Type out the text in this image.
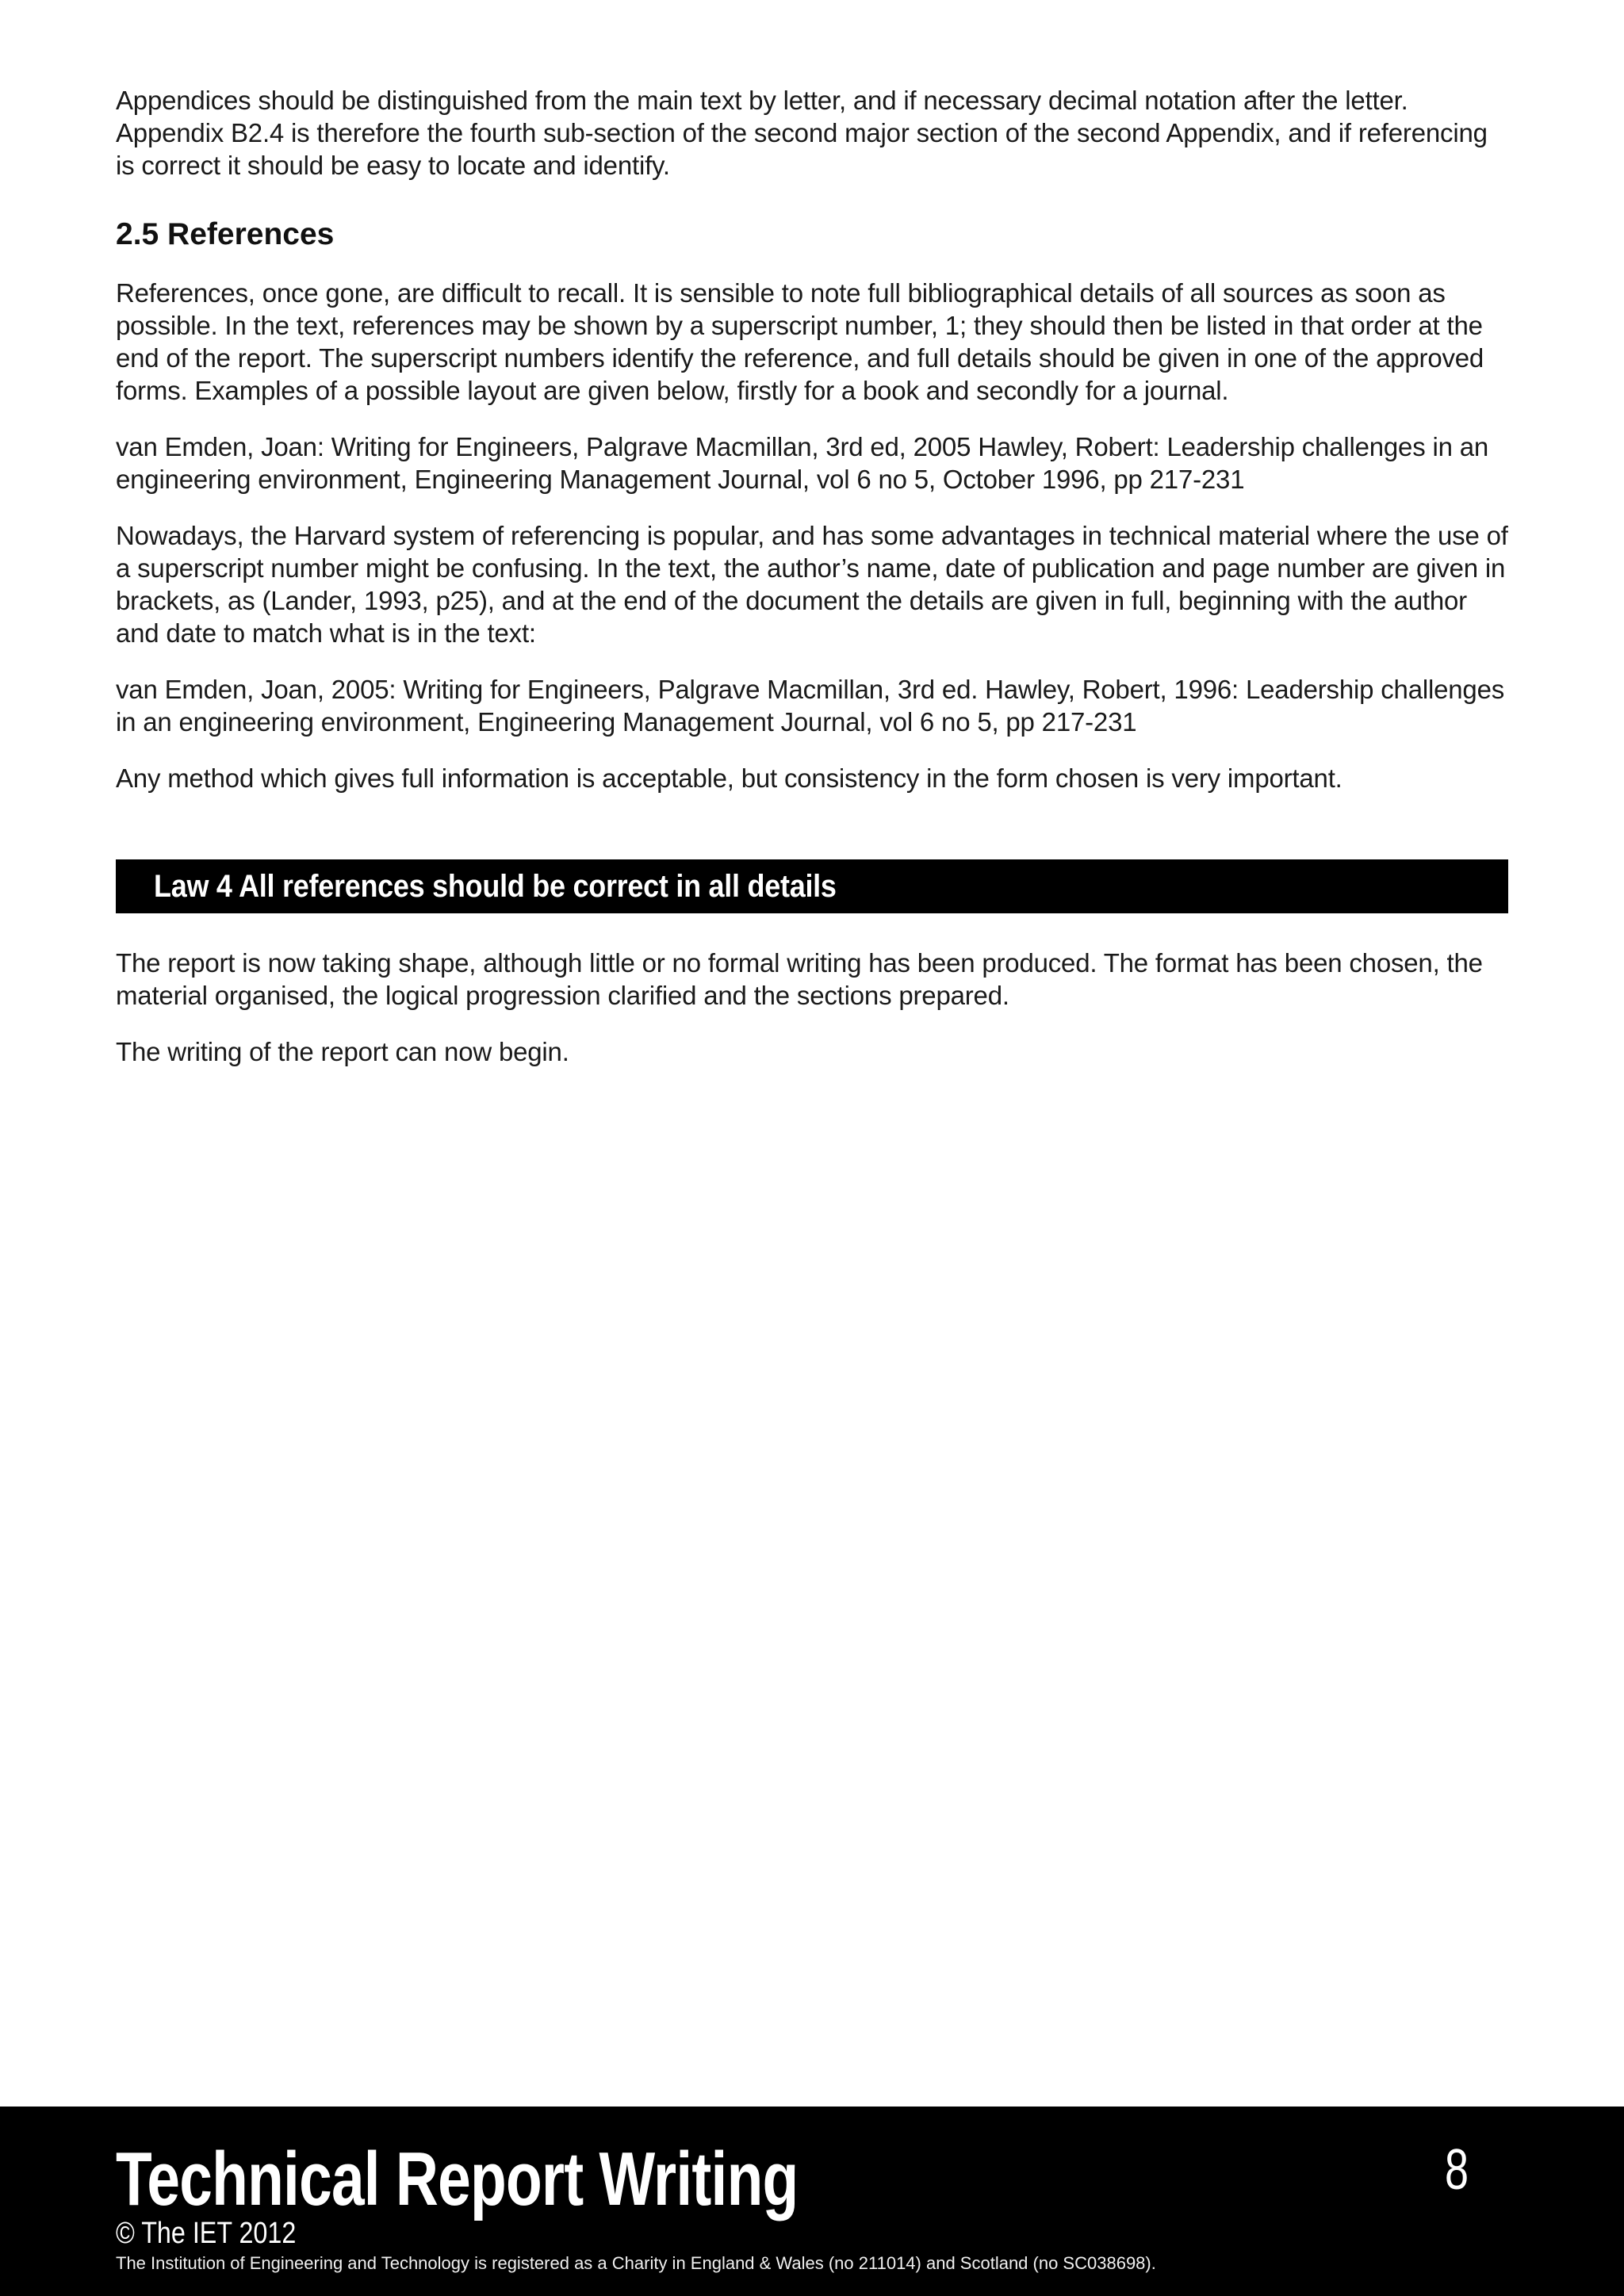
Appendices should be distinguished from the main text by letter, and if necessary decimal notation after the letter. Appendix B2.4 is therefore the fourth sub-section of the second major section of the second Appendix, and if referencing is correct it should be easy to locate and identify.

2.5 References

References, once gone, are difficult to recall. It is sensible to note full bibliographical details of all sources as soon as possible. In the text, references may be shown by a superscript number, 1; they should then be listed in that order at the end of the report. The superscript numbers identify the reference, and full details should be given in one of the approved forms. Examples of a possible layout are given below, firstly for a book and secondly for a journal.

van Emden, Joan: Writing for Engineers, Palgrave Macmillan, 3rd ed, 2005 Hawley, Robert: Leadership challenges in an engineering environment, Engineering Management Journal, vol 6 no 5, October 1996, pp 217-231

Nowadays, the Harvard system of referencing is popular, and has some advantages in technical material where the use of a superscript number might be confusing. In the text, the author’s name, date of publication and page number are given in brackets, as (Lander, 1993, p25), and at the end of the document the details are given in full, beginning with the author and date to match what is in the text:

van Emden, Joan, 2005: Writing for Engineers, Palgrave Macmillan, 3rd ed. Hawley, Robert, 1996: Leadership challenges in an engineering environment, Engineering Management Journal, vol 6 no 5, pp 217-231

Any method which gives full information is acceptable, but consistency in the form chosen is very important.

Law 4 All references should be correct in all details

The report is now taking shape, although little or no formal writing has been produced. The format has been chosen, the material organised, the logical progression clarified and the sections prepared.

The writing of the report can now begin.

Technical Report Writing	8
© The IET 2012
The Institution of Engineering and Technology is registered as a Charity in England & Wales (no 211014) and Scotland (no SC038698).
